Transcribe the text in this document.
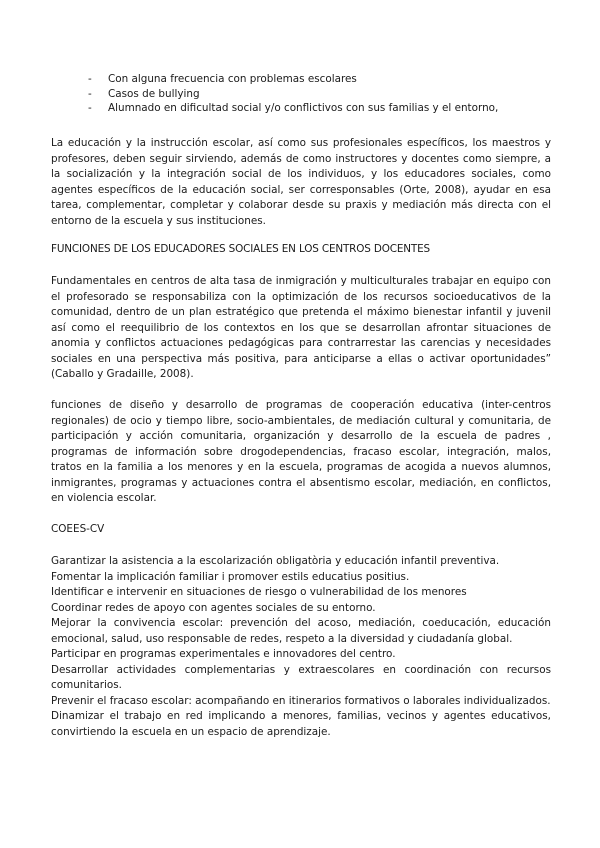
- Con alguna frecuencia con problemas escolares
- Casos de bullying
- Alumnado en dificultad social y/o conflictivos con sus familias y el entorno,

La educación y la instrucción escolar, así como sus profesionales específicos, los maestros y profesores, deben seguir sirviendo, además de como instructores y docentes como siempre, a la socialización y la integración social de los individuos, y los educadores sociales, como agentes específicos de la educación social, ser corresponsables (Orte, 2008), ayudar en esa tarea, complementar, completar y colaborar desde su praxis y mediación más directa con el entorno de la escuela y sus instituciones.

FUNCIONES DE LOS EDUCADORES SOCIALES EN LOS CENTROS DOCENTES

Fundamentales en centros de alta tasa de inmigración y multiculturales trabajar en equipo con el profesorado se responsabiliza con la optimización de los recursos socioeducativos de la comunidad, dentro de un plan estratégico que pretenda el máximo bienestar infantil y juvenil así como el reequilibrio de los contextos en los que se desarrollan afrontar situaciones de anomia y conflictos actuaciones pedagógicas para contrarrestar las carencias y necesidades sociales en una perspectiva más positiva, para anticiparse a ellas o activar oportunidades” (Caballo y Gradaille, 2008).

funciones de diseño y desarrollo de programas de cooperación educativa (inter-centros regionales) de ocio y tiempo libre, socio-ambientales, de mediación cultural y comunitaria, de participación y acción comunitaria, organización y desarrollo de la escuela de padres , programas de información sobre drogodependencias, fracaso escolar, integración, malos, tratos en la familia a los menores y en la escuela, programas de acogida a nuevos alumnos, inmigrantes, programas y actuaciones contra el absentismo escolar, mediación, en conflictos, en violencia escolar.

COEES-CV
Garantizar la asistencia a la escolarización obligatòria y educación infantil preventiva.
Fomentar la implicación familiar i promover estils educatius positius.
Identificar e intervenir en situaciones de riesgo o vulnerabilidad de los menores
Coordinar redes de apoyo con agentes sociales de su entorno.
Mejorar la convivencia escolar: prevención del acoso, mediación, coeducación, educación emocional, salud, uso responsable de redes, respeto a la diversidad y ciudadanía global.
Participar en programas experimentales e innovadores del centro.
Desarrollar actividades complementarias y extraescolares en coordinación con recursos comunitarios.
Prevenir el fracaso escolar: acompañando en itinerarios formativos o laborales individualizados.
Dinamizar el trabajo en red implicando a menores, familias, vecinos y agentes educativos, convirtiendo la escuela en un espacio de aprendizaje.
